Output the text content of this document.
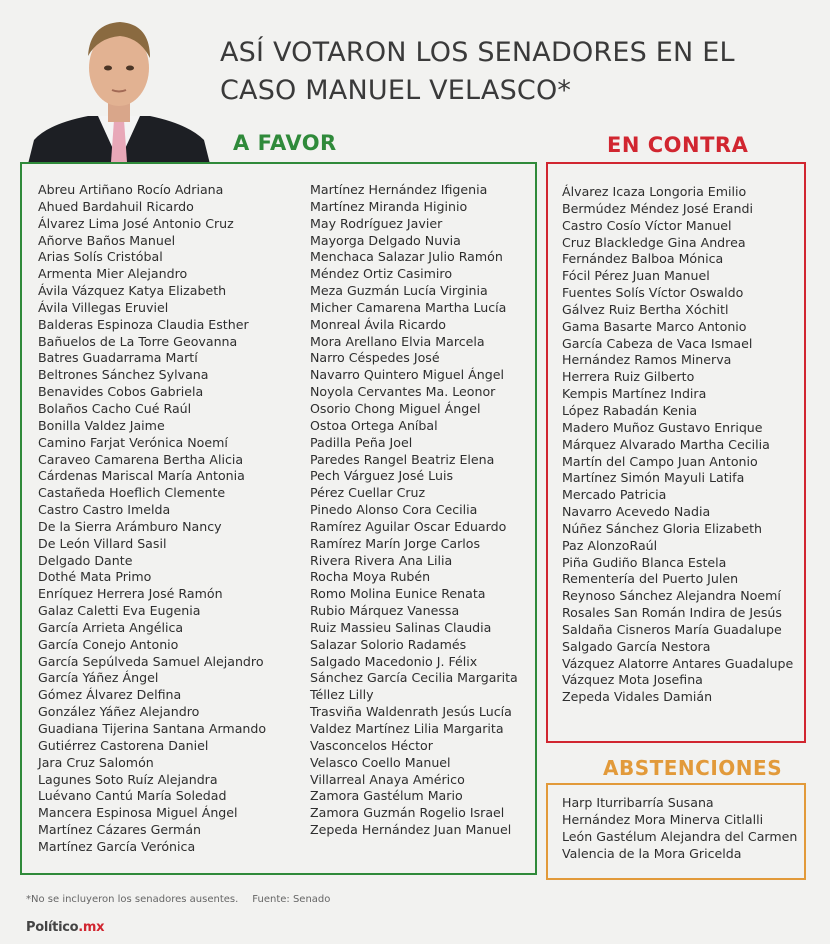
ASÍ VOTARON LOS SENADORES EN EL
CASO MANUEL VELASCO*
A FAVOR	EN CONTRA
ABSTENCIONES
Abreu Artiñano Rocío Adriana
Ahued Bardahuil Ricardo
Álvarez Lima José Antonio Cruz
Añorve Baños Manuel
Arias Solís Cristóbal
Armenta Mier Alejandro
Ávila Vázquez Katya Elizabeth
Ávila Villegas Eruviel
Balderas Espinoza Claudia Esther
Bañuelos de La Torre Geovanna
Batres Guadarrama Martí
Beltrones Sánchez Sylvana
Benavides Cobos Gabriela
Bolaños Cacho Cué Raúl
Bonilla Valdez Jaime
Camino Farjat Verónica Noemí
Caraveo Camarena Bertha Alicia
Cárdenas Mariscal María Antonia
Castañeda Hoeflich Clemente
Castro Castro Imelda
De la Sierra Arámburo Nancy
De León Villard Sasil
Delgado Dante
Dothé Mata Primo
Enríquez Herrera José Ramón
Galaz Caletti Eva Eugenia
García Arrieta Angélica
García Conejo Antonio
García Sepúlveda Samuel Alejandro
García Yáñez Ángel
Gómez Álvarez Delfina
González Yáñez Alejandro
Guadiana Tijerina Santana Armando
Gutiérrez Castorena Daniel
Jara Cruz Salomón
Lagunes Soto Ruíz Alejandra
Luévano Cantú María Soledad
Mancera Espinosa Miguel Ángel
Martínez Cázares Germán
Martínez García Verónica
Martínez Hernández Ifigenia
Martínez Miranda Higinio
May Rodríguez Javier
Mayorga Delgado Nuvia
Menchaca Salazar Julio Ramón
Méndez Ortiz Casimiro
Meza Guzmán Lucía Virginia
Micher Camarena Martha Lucía
Monreal Ávila Ricardo
Mora Arellano Elvia Marcela
Narro Céspedes José
Navarro Quintero Miguel Ángel
Noyola Cervantes Ma. Leonor
Osorio Chong Miguel Ángel
Ostoa Ortega Aníbal
Padilla Peña Joel
Paredes Rangel Beatriz Elena
Pech Várguez José Luis
Pérez Cuellar Cruz
Pinedo Alonso Cora Cecilia
Ramírez Aguilar Oscar Eduardo
Ramírez Marín Jorge Carlos
Rivera Rivera Ana Lilia
Rocha Moya Rubén
Romo Molina Eunice Renata
Rubio Márquez Vanessa
Ruiz Massieu Salinas Claudia
Salazar Solorio Radamés
Salgado Macedonio J. Félix
Sánchez García Cecilia Margarita
Téllez Lilly
Trasviña Waldenrath Jesús Lucía
Valdez Martínez Lilia Margarita
Vasconcelos Héctor
Velasco Coello Manuel
Villarreal Anaya Américo
Zamora Gastélum Mario
Zamora Guzmán Rogelio Israel
Zepeda Hernández Juan Manuel
Álvarez Icaza Longoria Emilio
Bermúdez Méndez José Erandi
Castro Cosío Víctor Manuel
Cruz Blackledge Gina Andrea
Fernández Balboa Mónica
Fócil Pérez Juan Manuel
Fuentes Solís Víctor Oswaldo
Gálvez Ruiz Bertha Xóchitl
Gama Basarte Marco Antonio
García Cabeza de Vaca Ismael
Hernández Ramos Minerva
Herrera Ruiz Gilberto
Kempis Martínez Indira
López Rabadán Kenia
Madero Muñoz Gustavo Enrique
Márquez Alvarado Martha Cecilia
Martín del Campo Juan Antonio
Martínez Simón Mayuli Latifa
Mercado Patricia
Navarro Acevedo Nadia
Núñez Sánchez Gloria Elizabeth
Paz AlonzoRaúl
Piña Gudiño Blanca Estela
Rementería del Puerto Julen
Reynoso Sánchez Alejandra Noemí
Rosales San Román Indira de Jesús
Saldaña Cisneros María Guadalupe
Salgado García Nestora
Vázquez Alatorre Antares Guadalupe
Vázquez Mota Josefina
Zepeda Vidales Damián
Harp Iturribarría Susana
Hernández Mora Minerva Citlalli
León Gastélum Alejandra del Carmen
Valencia de la Mora Gricelda
*No se incluyeron los senadores ausentes. Fuente: Senado
Político.mx
